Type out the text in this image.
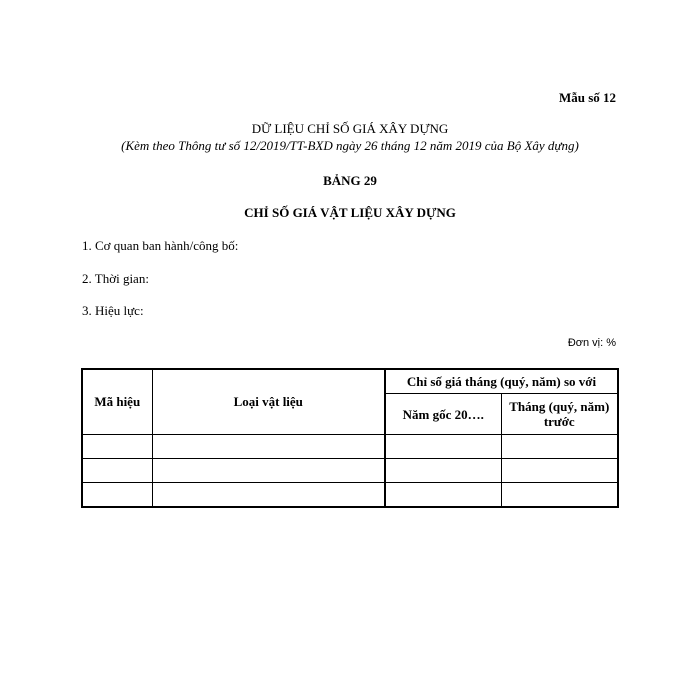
Mẫu số 12
DỮ LIỆU CHỈ SỐ GIÁ XÂY DỰNG
(Kèm theo Thông tư số 12/2019/TT-BXD ngày 26 tháng 12 năm 2019 của Bộ Xây dựng)
BẢNG 29
CHỈ SỐ GIÁ VẬT LIỆU XÂY DỰNG
1. Cơ quan ban hành/công bố:
2. Thời gian:
3. Hiệu lực:
Đơn vị: %
Mã hiệu	Loại vật liệu	Chỉ số giá tháng (quý, năm) so với	
		Năm gốc 20….	Tháng (quý, năm) trước
